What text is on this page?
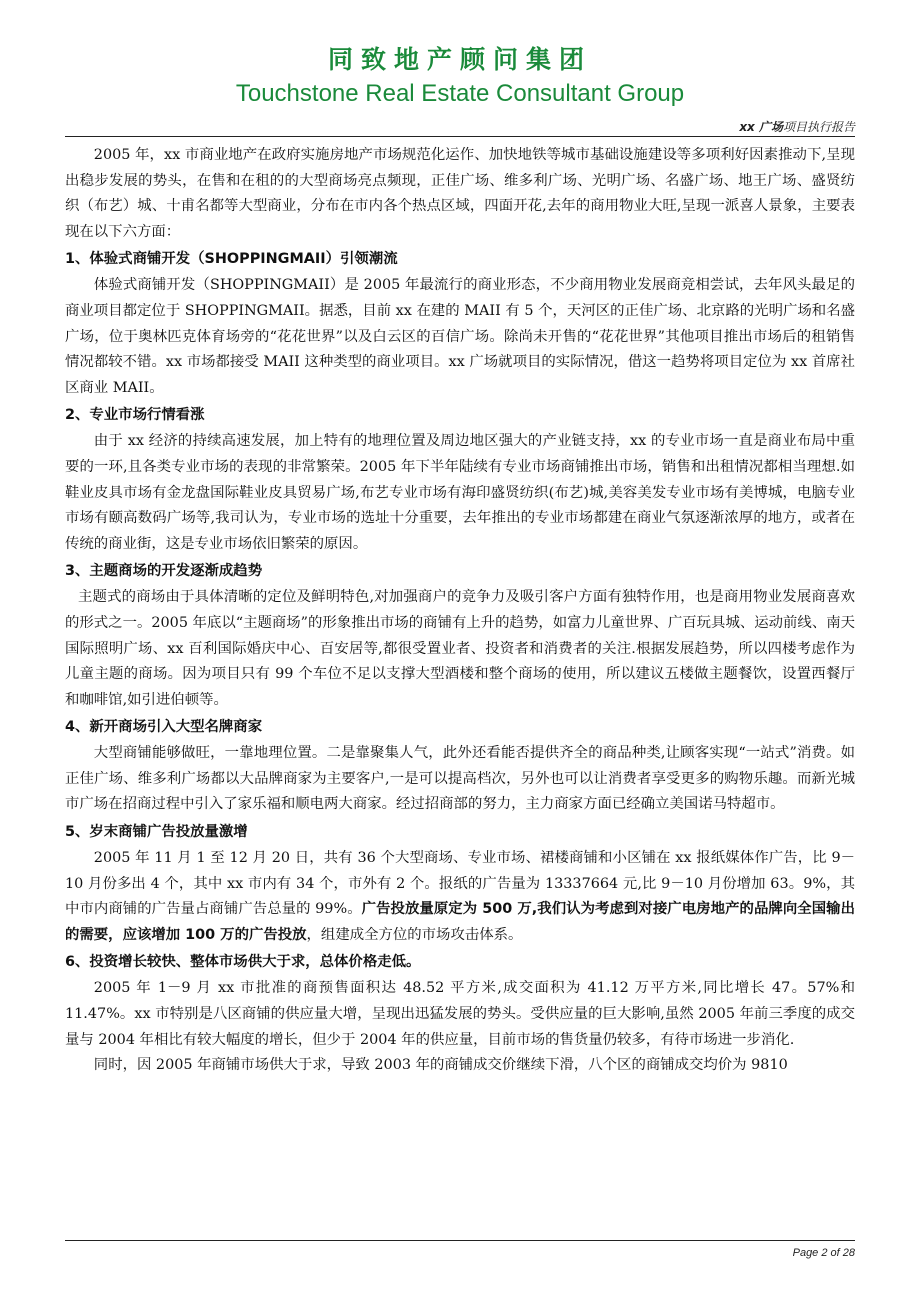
同致地产顾问集团
Touchstone Real Estate Consultant Group
xx 广场项目执行报告

2005 年，xx 市商业地产在政府实施房地产市场规范化运作、加快地铁等城市基础设施建设等多项利好因素推动下,呈现出稳步发展的势头，在售和在租的的大型商场亮点频现，正佳广场、维多利广场、光明广场、名盛广场、地王广场、盛贤纺织（布艺）城、十甫名都等大型商业，分布在市内各个热点区域，四面开花,去年的商用物业大旺,呈现一派喜人景象，主要表现在以下六方面：

1、体验式商铺开发（SHOPPINGMAII）引领潮流

体验式商铺开发（SHOPPINGMAII）是 2005 年最流行的商业形态，不少商用物业发展商竞相尝试，去年风头最足的商业项目都定位于 SHOPPINGMAII。据悉，目前 xx 在建的 MAII 有 5 个，天河区的正佳广场、北京路的光明广场和名盛广场，位于奥林匹克体育场旁的“花花世界”以及白云区的百信广场。除尚未开售的“花花世界”其他项目推出市场后的租销售情况都较不错。xx 市场都接受 MAII 这种类型的商业项目。xx 广场就项目的实际情况，借这一趋势将项目定位为 xx 首席社区商业 MAII。

2、专业市场行情看涨

由于 xx 经济的持续高速发展，加上特有的地理位置及周边地区强大的产业链支持，xx 的专业市场一直是商业布局中重要的一环,且各类专业市场的表现的非常繁荣。2005 年下半年陆续有专业市场商铺推出市场，销售和出租情况都相当理想.如鞋业皮具市场有金龙盘国际鞋业皮具贸易广场,布艺专业市场有海印盛贤纺织(布艺)城,美容美发专业市场有美博城，电脑专业市场有颐高数码广场等,我司认为，专业市场的选址十分重要，去年推出的专业市场都建在商业气氛逐渐浓厚的地方，或者在传统的商业街，这是专业市场依旧繁荣的原因。

3、主题商场的开发逐渐成趋势

主题式的商场由于具体清晰的定位及鲜明特色,对加强商户的竞争力及吸引客户方面有独特作用，也是商用物业发展商喜欢的形式之一。2005 年底以“主题商场”的形象推出市场的商铺有上升的趋势，如富力儿童世界、广百玩具城、运动前线、南天国际照明广场、xx 百利国际婚庆中心、百安居等,都很受置业者、投资者和消费者的关注.根据发展趋势，所以四楼考虑作为儿童主题的商场。因为项目只有 99 个车位不足以支撑大型酒楼和整个商场的使用，所以建议五楼做主题餐饮，设置西餐厅和咖啡馆,如引进伯顿等。

4、新开商场引入大型名牌商家

大型商铺能够做旺，一靠地理位置。二是靠聚集人气，此外还看能否提供齐全的商品种类,让顾客实现“一站式”消费。如正佳广场、维多利广场都以大品牌商家为主要客户,一是可以提高档次，另外也可以让消费者享受更多的购物乐趣。而新光城市广场在招商过程中引入了家乐福和顺电两大商家。经过招商部的努力，主力商家方面已经确立美国诺马特超市。

5、岁末商铺广告投放量激增

2005 年 11 月 1 至 12 月 20 日，共有 36 个大型商场、专业市场、裙楼商铺和小区铺在 xx 报纸媒体作广告，比 9－10 月份多出 4 个，其中 xx 市内有 34 个，市外有 2 个。报纸的广告量为 13337664 元,比 9－10 月份增加 63。9%，其中市内商铺的广告量占商铺广告总量的 99%。广告投放量原定为 500 万,我们认为考虑到对接广电房地产的品牌向全国输出的需要，应该增加 100 万的广告投放，组建成全方位的市场攻击体系。

6、投资增长较快、整体市场供大于求，总体价格走低。

2005 年 1－9 月 xx 市批准的商预售面积达 48.52 平方米,成交面积为 41.12 万平方米,同比增长 47。57%和 11.47%。xx 市特别是八区商铺的供应量大增，呈现出迅猛发展的势头。受供应量的巨大影响,虽然 2005 年前三季度的成交量与 2004 年相比有较大幅度的增长，但少于 2004 年的供应量，目前市场的售货量仍较多，有待市场进一步消化.

同时，因 2005 年商铺市场供大于求，导致 2003 年的商铺成交价继续下滑，八个区的商铺成交均价为 9810

Page 2 of 28
